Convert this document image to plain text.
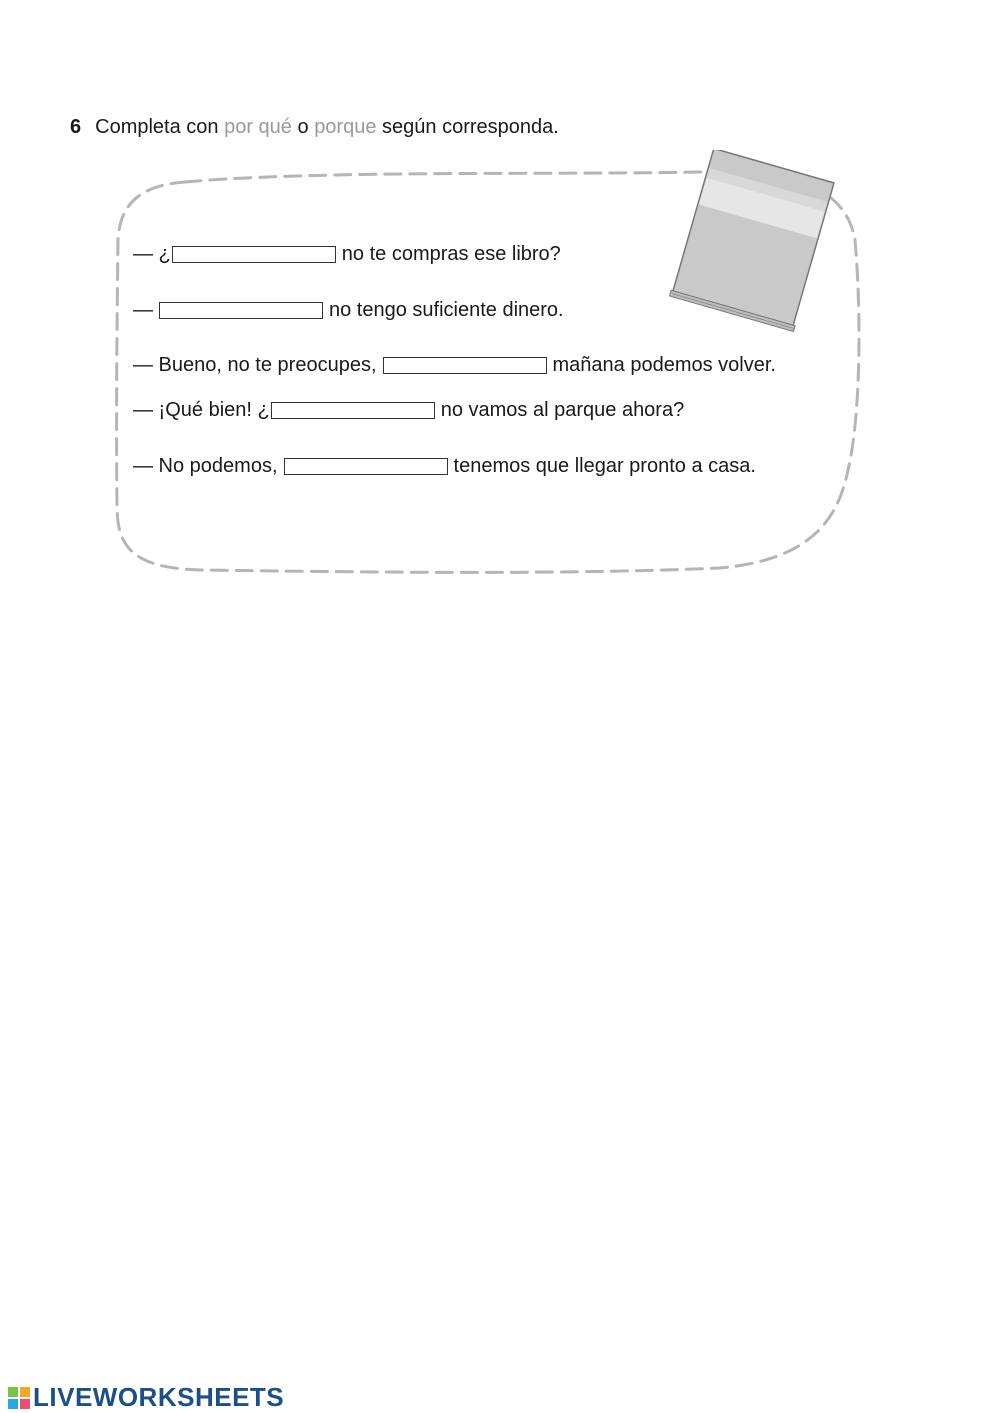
6 Completa con por qué o porque según corresponda.
— ¿	no te compras ese libro?
—	no tengo suficiente dinero.
— Bueno, no te preocupes,	mañana podemos volver.
— ¡Qué bien! ¿	no vamos al parque ahora?
— No podemos,	tenemos que llegar pronto a casa.
LIVEWORKSHEETS
